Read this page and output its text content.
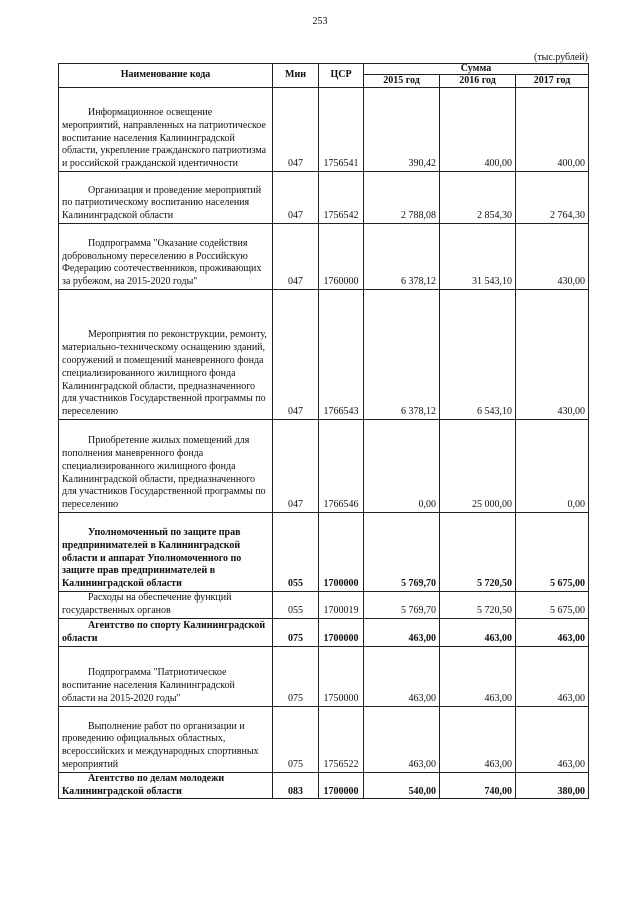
253
(тыс.рублей)
Наименование кода	Мин	ЦСР	Сумма		
			2015 год	2016 год	2017 год

Информационное освещение мероприятий, направленных на патриотическое воспитание населения Калининградской области, укрепление гражданского патриотизма и российской гражданской идентичности	047	1756541	390,42	400,00	400,00

Организация и проведение мероприятий по патриотическому воспитанию населения Калининградской области	047	1756542	2 788,08	2 854,30	2 764,30

Подпрограмма "Оказание содействия добровольному переселению в Российскую Федерацию соотечественников, проживающих за рубежом, на 2015-2020 годы"	047	1760000	6 378,12	31 543,10	430,00

Мероприятия по реконструкции, ремонту, материально-техническому оснащению зданий, сооружений и помещений маневренного фонда специализированного жилищного фонда Калининградской области, предназначенного для участников Государственной программы по переселению	047	1766543	6 378,12	6 543,10	430,00

Приобретение жилых помещений для пополнения маневренного фонда специализированного жилищного фонда Калининградской области, предназначенного для участников Государственной программы по переселению	047	1766546	0,00	25 000,00	0,00

Уполномоченный по защите прав предпринимателей в Калининградской области и аппарат Уполномоченного по защите прав предпринимателей в Калининградской области	055	1700000	5 769,70	5 720,50	5 675,00

Расходы на обеспечение функций государственных органов	055	1700019	5 769,70	5 720,50	5 675,00

Агентство по спорту Калининградской области	075	1700000	463,00	463,00	463,00

Подпрограмма "Патриотическое воспитание населения Калининградской области на 2015-2020 годы"	075	1750000	463,00	463,00	463,00

Выполнение работ по организации и проведению официальных областных, всероссийских и международных спортивных мероприятий	075	1756522	463,00	463,00	463,00

Агентство по делам молодежи Калининградской области	083	1700000	540,00	740,00	380,00
